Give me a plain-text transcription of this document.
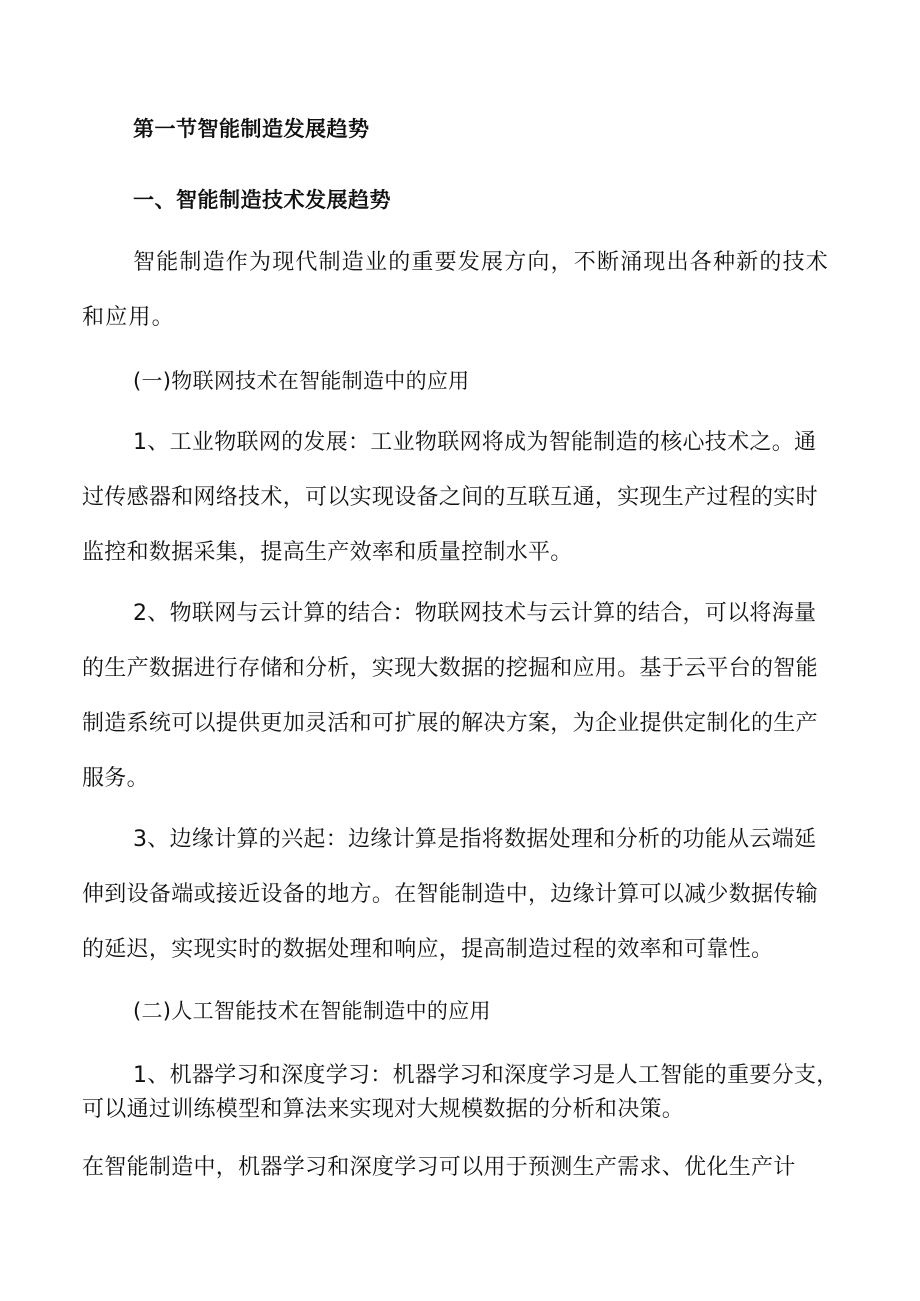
第一节智能制造发展趋势
一、智能制造技术发展趋势
智能制造作为现代制造业的重要发展方向，不断涌现出各种新的技术
和应用。
(一)物联网技术在智能制造中的应用
1、工业物联网的发展：工业物联网将成为智能制造的核心技术之。通
过传感器和网络技术，可以实现设备之间的互联互通，实现生产过程的实时
监控和数据采集，提高生产效率和质量控制水平。
2、物联网与云计算的结合：物联网技术与云计算的结合，可以将海量
的生产数据进行存储和分析，实现大数据的挖掘和应用。基于云平台的智能
制造系统可以提供更加灵活和可扩展的解决方案，为企业提供定制化的生产
服务。
3、边缘计算的兴起：边缘计算是指将数据处理和分析的功能从云端延
伸到设备端或接近设备的地方。在智能制造中，边缘计算可以减少数据传输
的延迟，实现实时的数据处理和响应，提高制造过程的效率和可靠性。
(二)人工智能技术在智能制造中的应用
1、机器学习和深度学习：机器学习和深度学习是人工智能的重要分支，
可以通过训练模型和算法来实现对大规模数据的分析和决策。
在智能制造中，机器学习和深度学习可以用于预测生产需求、优化生产计
